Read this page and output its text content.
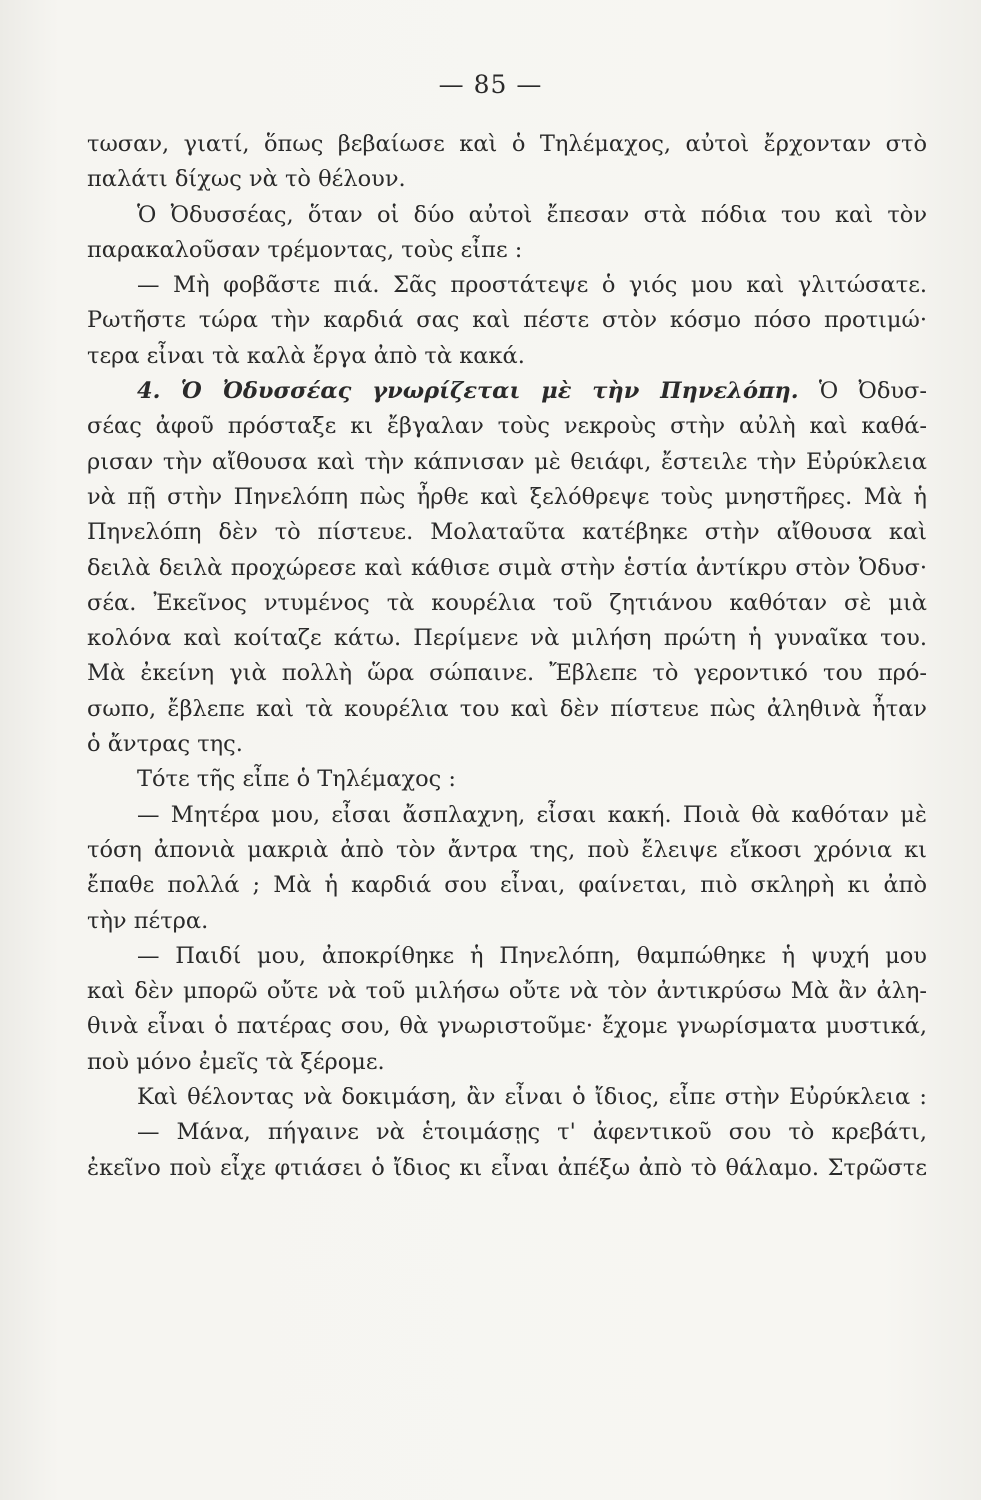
— 85 —
τωσαν, γιατί, ὅπως βεβαίωσε καὶ ὁ Τηλέμαχος, αὐτοὶ ἔρχονταν στὸ
παλάτι δίχως νὰ τὸ θέλουν.
Ὁ Ὀδυσσέας, ὅταν οἱ δύο αὐτοὶ ἔπεσαν στὰ πόδια του καὶ τὸν
παρακαλοῦσαν τρέμοντας, τοὺς εἶπε :
— Μὴ φοβᾶστε πιά. Σᾶς προστάτεψε ὁ γιός μου καὶ γλιτώσατε.
Ρωτῆστε τώρα τὴν καρδιά σας καὶ πέστε στὸν κόσμο πόσο προτιμώ·
τερα εἶναι τὰ καλὰ ἔργα ἀπὸ τὰ κακά.
4. Ὁ Ὀδυσσέας γνωρίζεται μὲ τὴν Πηνελόπη. Ὁ Ὀδυσ-
σέας ἀφοῦ πρόσταξε κι ἔβγαλαν τοὺς νεκροὺς στὴν αὐλὴ καὶ καθά-
ρισαν τὴν αἴθουσα καὶ τὴν κάπνισαν μὲ θειάφι, ἔστειλε τὴν Εὐρύκλεια
νὰ πῇ στὴν Πηνελόπη πὼς ἦρθε καὶ ξελόθρεψε τοὺς μνηστῆρες. Μὰ ἡ
Πηνελόπη δὲν τὸ πίστευε. Μολαταῦτα κατέβηκε στὴν αἴθουσα καὶ
δειλὰ δειλὰ προχώρεσε καὶ κάθισε σιμὰ στὴν ἑστία ἀντίκρυ στὸν Ὀδυσ·
σέα. Ἐκεῖνος ντυμένος τὰ κουρέλια τοῦ ζητιάνου καθόταν σὲ μιὰ
κολόνα καὶ κοίταζε κάτω. Περίμενε νὰ μιλήση πρώτη ἡ γυναῖκα του.
Μὰ ἐκείνη γιὰ πολλὴ ὥρα σώπαινε. Ἔβλεπε τὸ γεροντικό του πρό-
σωπο, ἔβλεπε καὶ τὰ κουρέλια του καὶ δὲν πίστευε πὼς ἀληθινὰ ἦταν
ὁ ἄντρας της.
Τότε τῆς εἶπε ὁ Τηλέμαχος :
— Μητέρα μου, εἶσαι ἄσπλαχνη, εἶσαι κακή. Ποιὰ θὰ καθόταν μὲ
τόση ἀπονιὰ μακριὰ ἀπὸ τὸν ἄντρα της, ποὺ ἔλειψε εἴκοσι χρόνια κι
ἔπαθε πολλά ; Μὰ ἡ καρδιά σου εἶναι, φαίνεται, πιὸ σκληρὴ κι ἀπὸ
τὴν πέτρα.
— Παιδί μου, ἀποκρίθηκε ἡ Πηνελόπη, θαμπώθηκε ἡ ψυχή μου
καὶ δὲν μπορῶ οὔτε νὰ τοῦ μιλήσω οὔτε νὰ τὸν ἀντικρύσω Μὰ ἂν ἀλη-
θινὰ εἶναι ὁ πατέρας σου, θὰ γνωριστοῦμε· ἔχομε γνωρίσματα μυστικά,
ποὺ μόνο ἐμεῖς τὰ ξέρομε.
Καὶ θέλοντας νὰ δοκιμάση, ἂν εἶναι ὁ ἴδιος, εἶπε στὴν Εὐρύκλεια :
— Μάνα, πήγαινε νὰ ἑτοιμάσῃς τ' ἀφεντικοῦ σου τὸ κρεβάτι,
ἐκεῖνο ποὺ εἶχε φτιάσει ὁ ἴδιος κι εἶναι ἀπέξω ἀπὸ τὸ θάλαμο. Στρῶστε
